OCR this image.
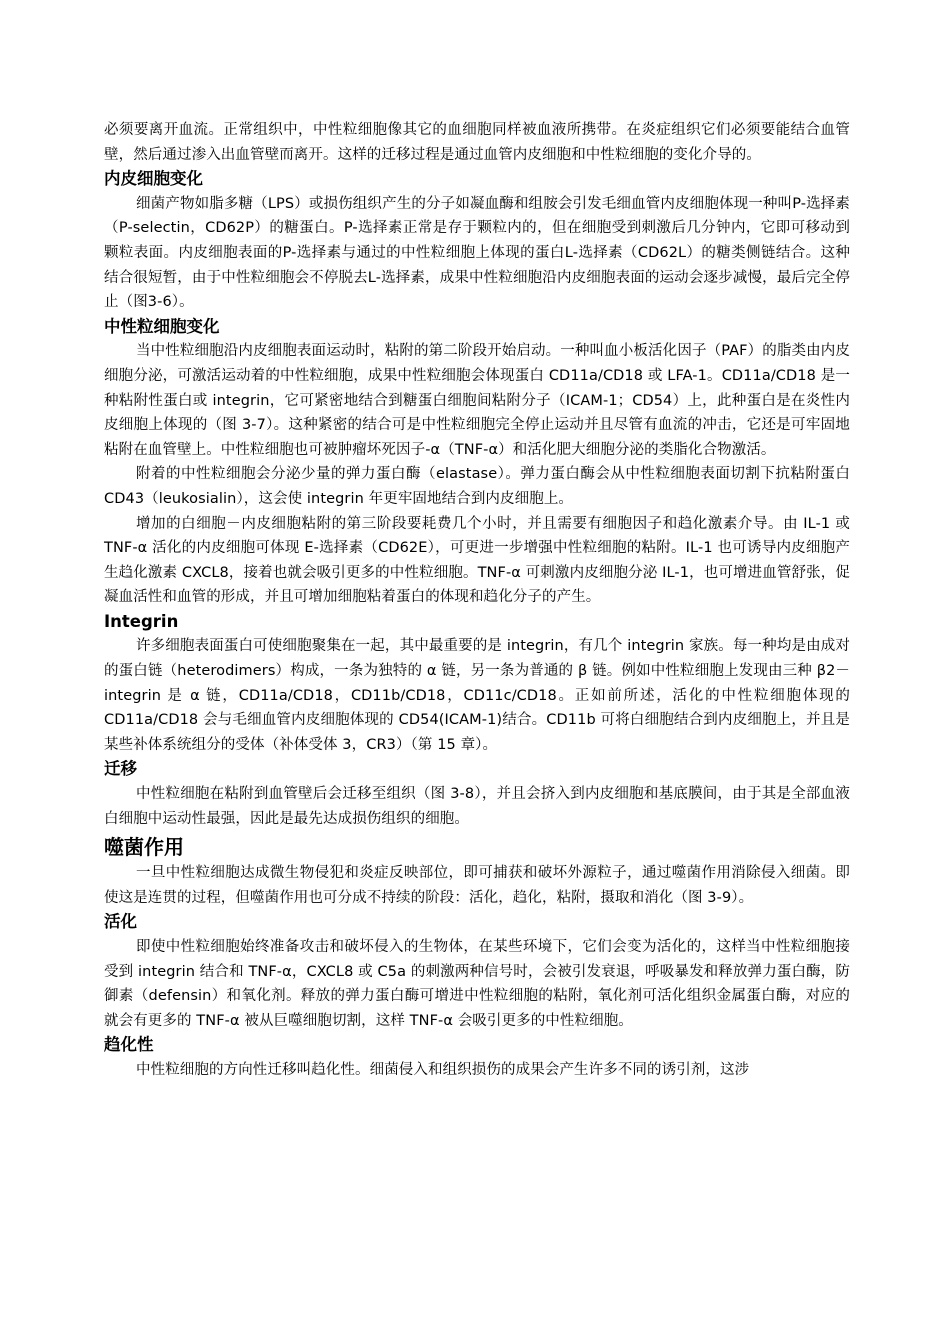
必须要离开血流。正常组织中，中性粒细胞像其它的血细胞同样被血液所携带。在炎症组织它们必须要能结合血管壁，然后通过渗入出血管壁而离开。这样的迁移过程是通过血管内皮细胞和中性粒细胞的变化介导的。

内皮细胞变化

细菌产物如脂多糖（LPS）或损伤组织产生的分子如凝血酶和组胺会引发毛细血管内皮细胞体现一种叫P-选择素（P-selectin，CD62P）的糖蛋白。P-选择素正常是存于颗粒内的，但在细胞受到刺激后几分钟内，它即可移动到颗粒表面。内皮细胞表面的P-选择素与通过的中性粒细胞上体现的蛋白L-选择素（CD62L）的糖类侧链结合。这种结合很短暂，由于中性粒细胞会不停脱去L-选择素，成果中性粒细胞沿内皮细胞表面的运动会逐步减慢，最后完全停止（图3-6）。

中性粒细胞变化

当中性粒细胞沿内皮细胞表面运动时，粘附的第二阶段开始启动。一种叫血小板活化因子（PAF）的脂类由内皮细胞分泌，可激活运动着的中性粒细胞，成果中性粒细胞会体现蛋白 CD11a/CD18 或 LFA-1。CD11a/CD18 是一种粘附性蛋白或 integrin，它可紧密地结合到糖蛋白细胞间粘附分子（ICAM-1；CD54）上，此种蛋白是在炎性内皮细胞上体现的（图 3-7）。这种紧密的结合可是中性粒细胞完全停止运动并且尽管有血流的冲击，它还是可牢固地粘附在血管壁上。中性粒细胞也可被肿瘤坏死因子-α（TNF-α）和活化肥大细胞分泌的类脂化合物激活。

附着的中性粒细胞会分泌少量的弹力蛋白酶（elastase）。弹力蛋白酶会从中性粒细胞表面切割下抗粘附蛋白 CD43（leukosialin），这会使 integrin 年更牢固地结合到内皮细胞上。

增加的白细胞－内皮细胞粘附的第三阶段要耗费几个小时，并且需要有细胞因子和趋化激素介导。由 IL-1 或 TNF-α 活化的内皮细胞可体现 E-选择素（CD62E），可更进一步增强中性粒细胞的粘附。IL-1 也可诱导内皮细胞产生趋化激素 CXCL8，接着也就会吸引更多的中性粒细胞。TNF-α 可刺激内皮细胞分泌 IL-1，也可增进血管舒张，促凝血活性和血管的形成，并且可增加细胞粘着蛋白的体现和趋化分子的产生。

Integrin

许多细胞表面蛋白可使细胞聚集在一起，其中最重要的是 integrin，有几个 integrin 家族。每一种均是由成对的蛋白链（heterodimers）构成，一条为独特的 α 链，另一条为普通的 β 链。例如中性粒细胞上发现由三种 β2－integrin 是 α 链，CD11a/CD18，CD11b/CD18，CD11c/CD18。正如前所述，活化的中性粒细胞体现的 CD11a/CD18 会与毛细血管内皮细胞体现的 CD54(ICAM-1)结合。CD11b 可将白细胞结合到内皮细胞上，并且是某些补体系统组分的受体（补体受体 3，CR3）（第 15 章）。

迁移

中性粒细胞在粘附到血管壁后会迁移至组织（图 3-8），并且会挤入到内皮细胞和基底膜间，由于其是全部血液白细胞中运动性最强，因此是最先达成损伤组织的细胞。

噬菌作用

一旦中性粒细胞达成微生物侵犯和炎症反映部位，即可捕获和破坏外源粒子，通过噬菌作用消除侵入细菌。即使这是连贯的过程，但噬菌作用也可分成不持续的阶段：活化，趋化，粘附，摄取和消化（图 3-9）。

活化

即使中性粒细胞始终准备攻击和破坏侵入的生物体，在某些环境下，它们会变为活化的，这样当中性粒细胞接受到 integrin 结合和 TNF-α，CXCL8 或 C5a 的刺激两种信号时，会被引发衰退，呼吸暴发和释放弹力蛋白酶，防御素（defensin）和氧化剂。释放的弹力蛋白酶可增进中性粒细胞的粘附，氧化剂可活化组织金属蛋白酶，对应的就会有更多的 TNF-α 被从巨噬细胞切割，这样 TNF-α 会吸引更多的中性粒细胞。

趋化性

中性粒细胞的方向性迁移叫趋化性。细菌侵入和组织损伤的成果会产生许多不同的诱引剂，这涉
